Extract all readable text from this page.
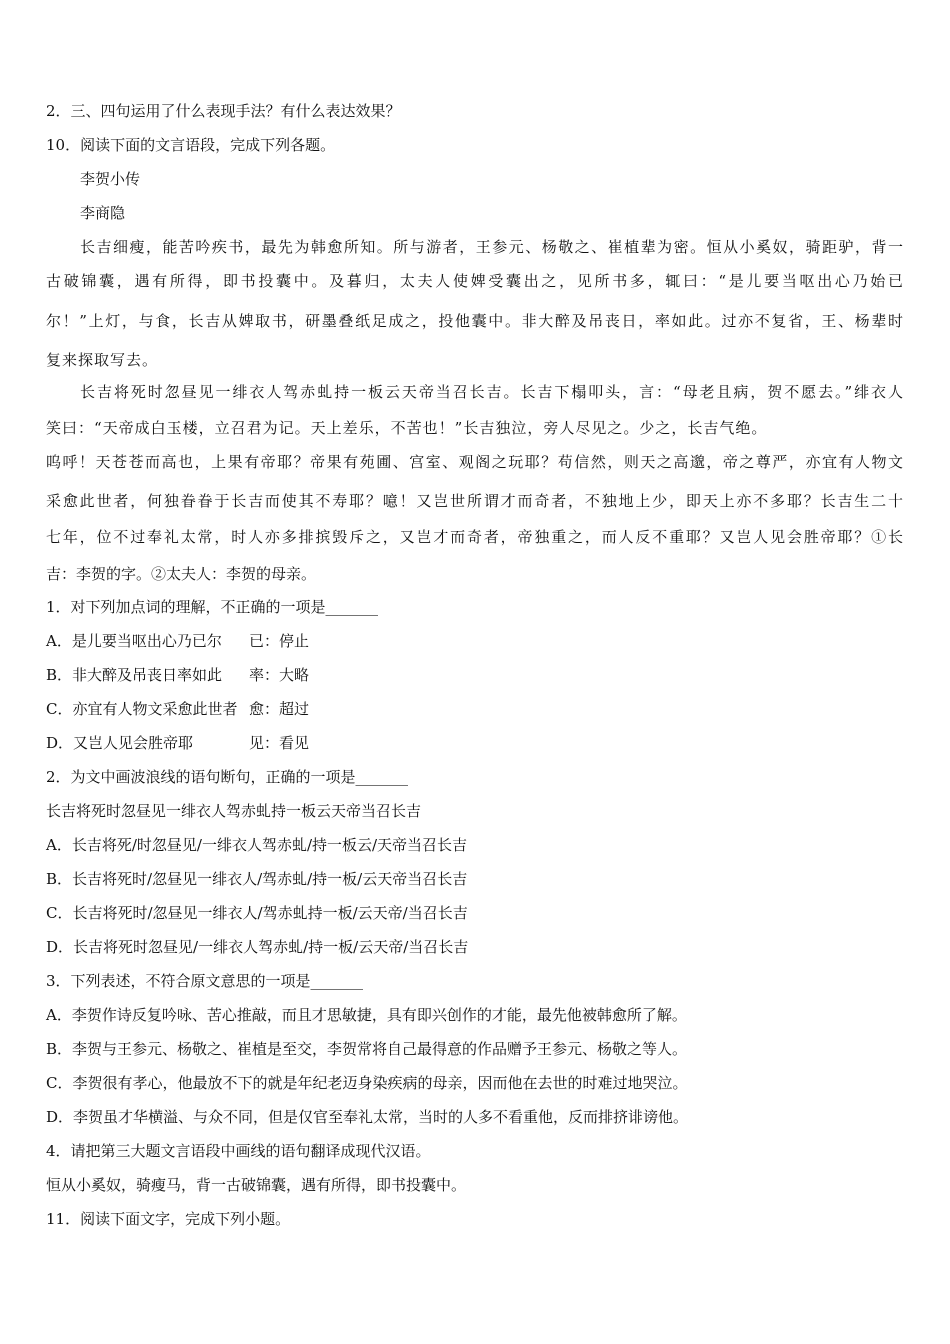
2．三、四句运用了什么表现手法？有什么表达效果？
10．阅读下面的文言语段，完成下列各题。
李贺小传
李商隐
长吉细瘦，能苦吟疾书，最先为韩愈所知。所与游者，王参元、杨敬之、崔植辈为密。恒从小奚奴，骑距驴，背一
古破锦囊，遇有所得，即书投囊中。及暮归，太夫人使婢受囊出之，见所书多，辄曰：“是儿要当呕出心乃始已
尔！”上灯，与食，长吉从婢取书，研墨叠纸足成之，投他囊中。非大醉及吊丧日，率如此。过亦不复省，王、杨辈时
复来探取写去。
长吉将死时忽昼见一绯衣人驾赤虬持一板云天帝当召长吉。长吉下榻叩头，言：“母老且病，贺不愿去。”绯衣人
笑曰：“天帝成白玉楼，立召君为记。天上差乐，不苦也！”长吉独泣，旁人尽见之。少之，长吉气绝。
呜呼！天苍苍而高也，上果有帝耶？帝果有苑圃、宫室、观阁之玩耶？苟信然，则天之高邈，帝之尊严，亦宜有人物文
采愈此世者，何独眷眷于长吉而使其不寿耶？噫！又岂世所谓才而奇者，不独地上少，即天上亦不多耶？长吉生二十
七年，位不过奉礼太常，时人亦多排摈毁斥之，又岂才而奇者，帝独重之，而人反不重耶？又岂人见会胜帝耶？①长
吉：李贺的字。②太夫人：李贺的母亲。
1．对下列加点词的理解，不正确的一项是_______
A．是儿要当呕出心乃已尔 已：停止
B．非大醉及吊丧日率如此 率：大略
C．亦宜有人物文采愈此世者 愈：超过
D．又岂人见会胜帝耶	见：看见
2．为文中画波浪线的语句断句，正确的一项是_______
长吉将死时忽昼见一绯衣人驾赤虬持一板云天帝当召长吉
A．长吉将死/时忽昼见/一绯衣人驾赤虬/持一板云/天帝当召长吉
B．长吉将死时/忽昼见一绯衣人/驾赤虬/持一板/云天帝当召长吉
C．长吉将死时/忽昼见一绯衣人/驾赤虬持一板/云天帝/当召长吉
D．长吉将死时忽昼见/一绯衣人驾赤虬/持一板/云天帝/当召长吉
3．下列表述，不符合原文意思的一项是_______
A．李贺作诗反复吟咏、苦心推敲，而且才思敏捷，具有即兴创作的才能，最先他被韩愈所了解。
B．李贺与王参元、杨敬之、崔植是至交，李贺常将自己最得意的作品赠予王参元、杨敬之等人。
C．李贺很有孝心，他最放不下的就是年纪老迈身染疾病的母亲，因而他在去世的时难过地哭泣。
D．李贺虽才华横溢、与众不同，但是仅官至奉礼太常，当时的人多不看重他，反而排挤诽谤他。
4．请把第三大题文言语段中画线的语句翻译成现代汉语。
恒从小奚奴，骑瘦马，背一古破锦囊，遇有所得，即书投囊中。
11．阅读下面文字，完成下列小题。
